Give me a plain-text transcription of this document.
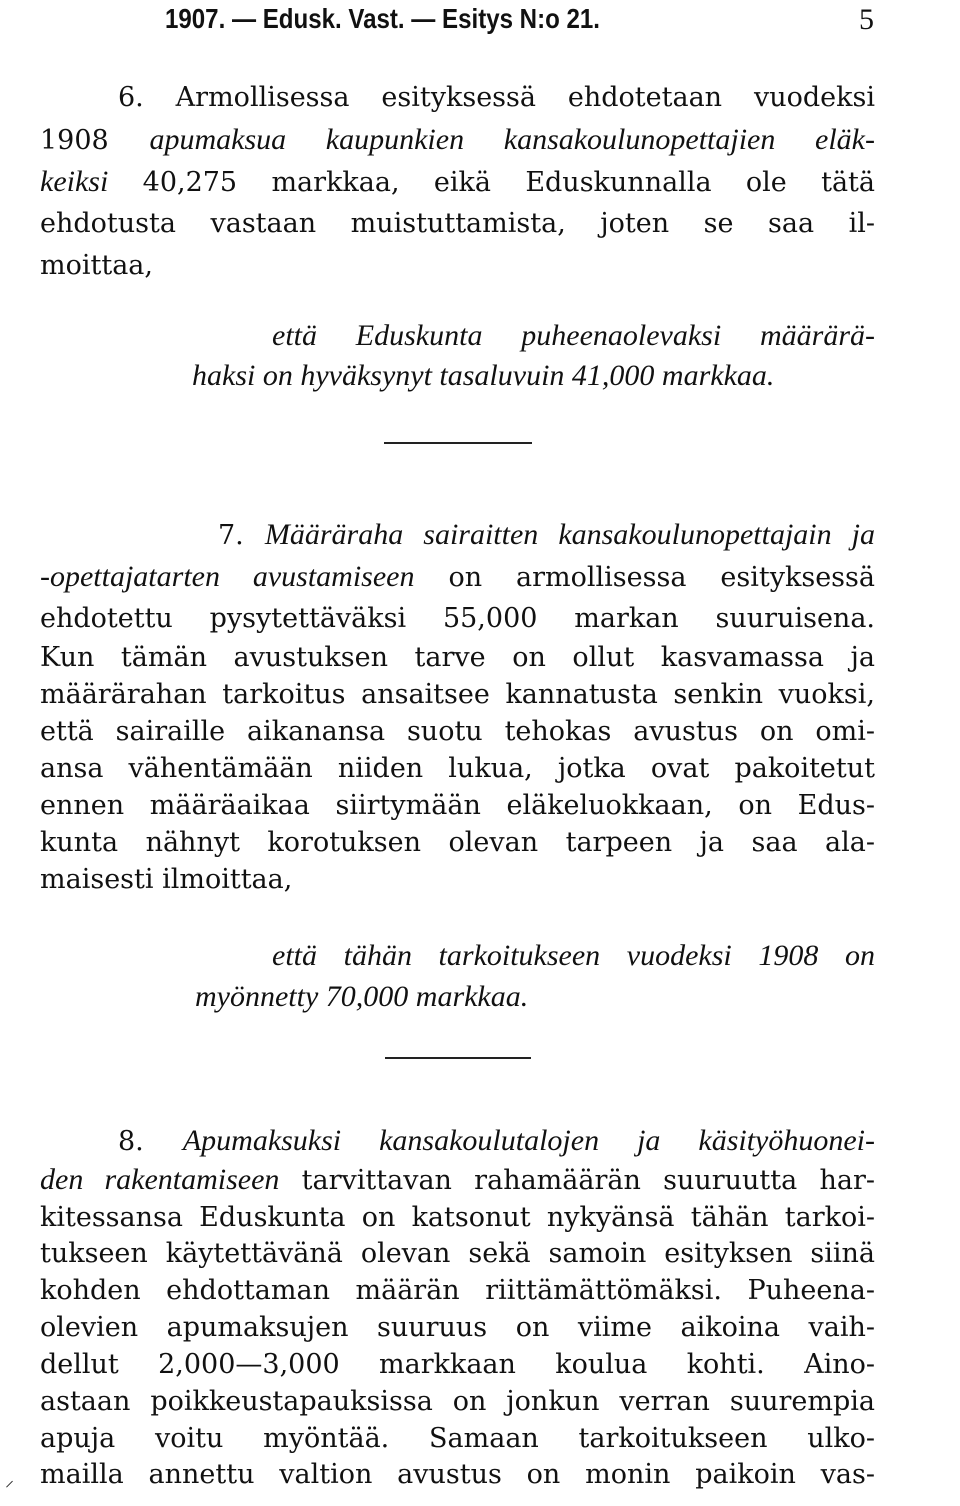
1907. — Edusk. Vast. — Esitys N:o 21.	5
6. Armollisessa esityksessä ehdotetaan vuodeksi
1908 apumaksua kaupunkien kansakoulunopettajien eläk-
keiksi 40,275 markkaa, eikä Eduskunnalla ole tätä
ehdotusta vastaan muistuttamista, joten se saa il-
moittaa,
että Eduskunta puheenaolevaksi määrärä-
haksi on hyväksynyt tasaluvuin 41,000 markkaa.
7. Määräraha sairaitten kansakoulunopettajain ja
-opettajatarten avustamiseen on armollisessa esityksessä
ehdotettu pysytettäväksi 55,000 markan suuruisena.
Kun tämän avustuksen tarve on ollut kasvamassa ja
määrärahan tarkoitus ansaitsee kannatusta senkin vuoksi,
että sairaille aikanansa suotu tehokas avustus on omi-
ansa vähentämään niiden lukua, jotka ovat pakoitetut
ennen määräaikaa siirtymään eläkeluokkaan, on Edus-
kunta nähnyt korotuksen olevan tarpeen ja saa ala-
maisesti ilmoittaa,
että tähän tarkoitukseen vuodeksi 1908 on
myönnetty 70,000 markkaa.
8. Apumaksuksi kansakoulutalojen ja käsityöhuonei-
den rakentamiseen tarvittavan rahamäärän suuruutta har-
kitessansa Eduskunta on katsonut nykyänsä tähän tarkoi-
tukseen käytettävänä olevan sekä samoin esityksen siinä
kohden ehdottaman määrän riittämättömäksi. Puheena-
olevien apumaksujen suuruus on viime aikoina vaih-
dellut 2,000—3,000 markkaan koulua kohti. Aino-
astaan poikkeustapauksissa on jonkun verran suurempia
apuja voitu myöntää. Samaan tarkoitukseen ulko-
mailla annettu valtion avustus on monin paikoin vas-
⸝
